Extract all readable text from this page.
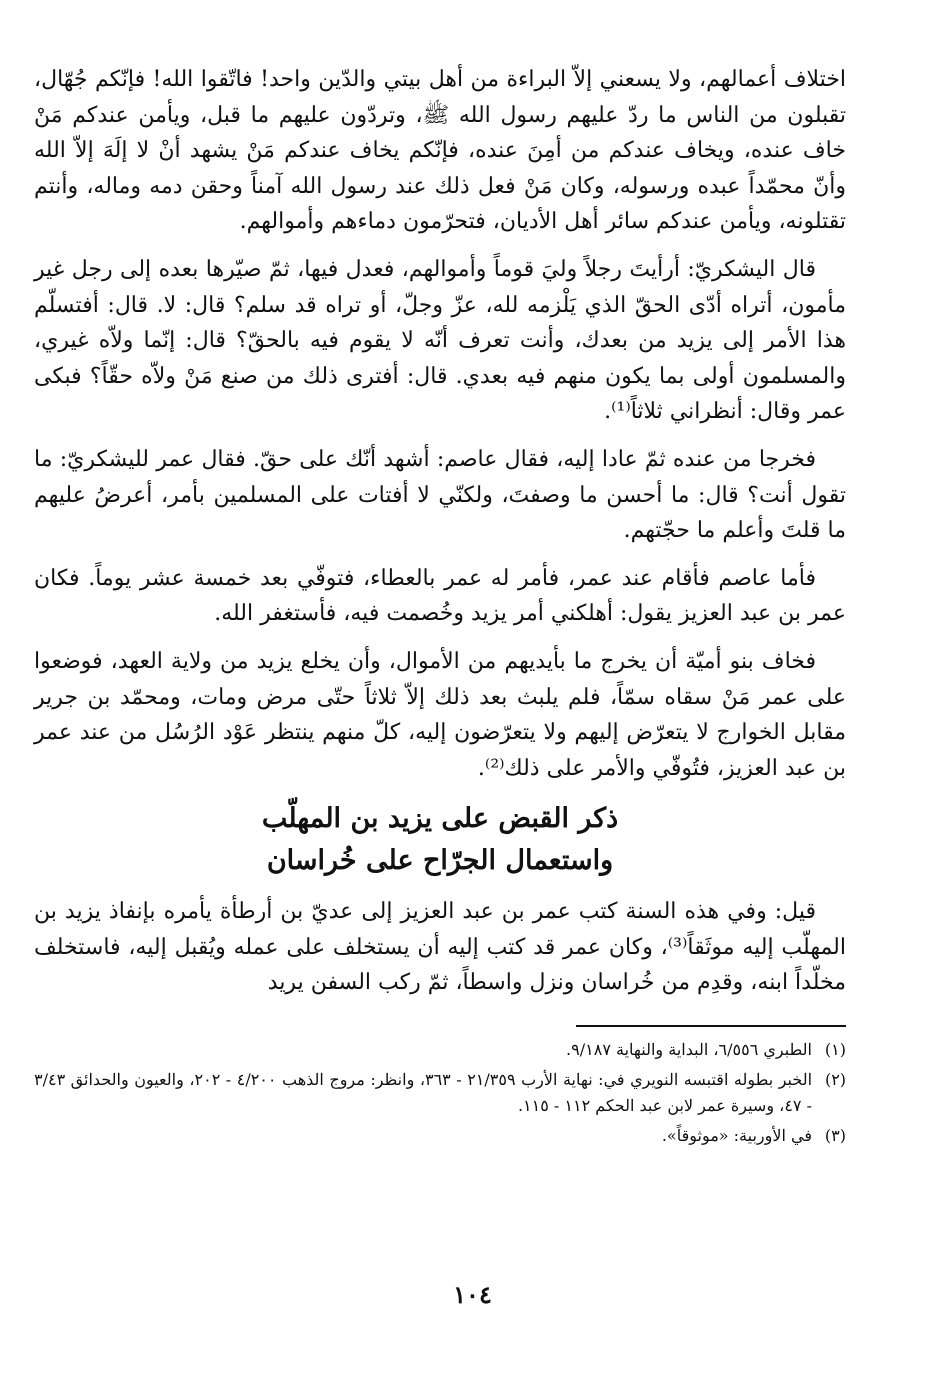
اختلاف أعمالهم، ولا يسعني إلاّ البراءة من أهل بيتي والدّين واحد! فاتّقوا الله! فإنّكم جُهّال، تقبلون من الناس ما ردّ عليهم رسول الله ﷺ، وتردّون عليهم ما قبل، ويأمن عندكم مَنْ خاف عنده، ويخاف عندكم من أمِنَ عنده، فإنّكم يخاف عندكم مَنْ يشهد أنْ لا إلَهَ إلاّ الله وأنّ محمّداً عبده ورسوله، وكان مَنْ فعل ذلك عند رسول الله آمناً وحقن دمه وماله، وأنتم تقتلونه، ويأمن عندكم سائر أهل الأديان، فتحرّمون دماءهم وأموالهم.

قال اليشكريّ: أرأيتَ رجلاً وليَ قوماً وأموالهم، فعدل فيها، ثمّ صيّرها بعده إلى رجل غير مأمون، أتراه أدّى الحقّ الذي يَلْزمه لله، عزّ وجلّ، أو تراه قد سلم؟ قال: لا. قال: أفتسلّم هذا الأمر إلى يزيد من بعدك، وأنت تعرف أنّه لا يقوم فيه بالحقّ؟ قال: إنّما ولاّه غيري، والمسلمون أولى بما يكون منهم فيه بعدي. قال: أفترى ذلك من صنع مَنْ ولاّه حقّاً؟ فبكى عمر وقال: أنظراني ثلاثاً⁽¹⁾.

فخرجا من عنده ثمّ عادا إليه، فقال عاصم: أشهد أنّك على حقّ. فقال عمر لليشكريّ: ما تقول أنت؟ قال: ما أحسن ما وصفتَ، ولكنّي لا أفتات على المسلمين بأمر، أعرضُ عليهم ما قلتَ وأعلم ما حجّتهم.

فأما عاصم فأقام عند عمر، فأمر له عمر بالعطاء، فتوفّي بعد خمسة عشر يوماً. فكان عمر بن عبد العزيز يقول: أهلكني أمر يزيد وخُصمت فيه، فأستغفر الله.

فخاف بنو أميّة أن يخرج ما بأيديهم من الأموال، وأن يخلع يزيد من ولاية العهد، فوضعوا على عمر مَنْ سقاه سمّاً، فلم يلبث بعد ذلك إلاّ ثلاثاً حتّى مرض ومات، ومحمّد بن جرير مقابل الخوارج لا يتعرّض إليهم ولا يتعرّضون إليه، كلّ منهم ينتظر عَوْد الرُسُل من عند عمر بن عبد العزيز، فتُوفّي والأمر على ذلك⁽²⁾.

ذكر القبض على يزيد بن المهلّب
واستعمال الجرّاح على خُراسان

قيل: وفي هذه السنة كتب عمر بن عبد العزيز إلى عديّ بن أرطأة يأمره بإنفاذ يزيد بن المهلّب إليه موثَقاً⁽³⁾، وكان عمر قد كتب إليه أن يستخلف على عمله ويُقبل إليه، فاستخلف مخلّداً ابنه، وقدِم من خُراسان ونزل واسطاً، ثمّ ركب السفن يريد

(١)الطبري ٦/٥٥٦، البداية والنهاية ٩/١٨٧.

(٢)الخبر بطوله اقتبسه النويري في: نهاية الأرب ٢١/٣٥٩ - ٣٦٣، وانظر: مروج الذهب ٤/٢٠٠ - ٢٠٢، والعيون والحدائق ٣/٤٣ - ٤٧، وسيرة عمر لابن عبد الحكم ١١٢ - ١١٥.

(٣)في الأوربية: «موثوقاً».

١٠٤
